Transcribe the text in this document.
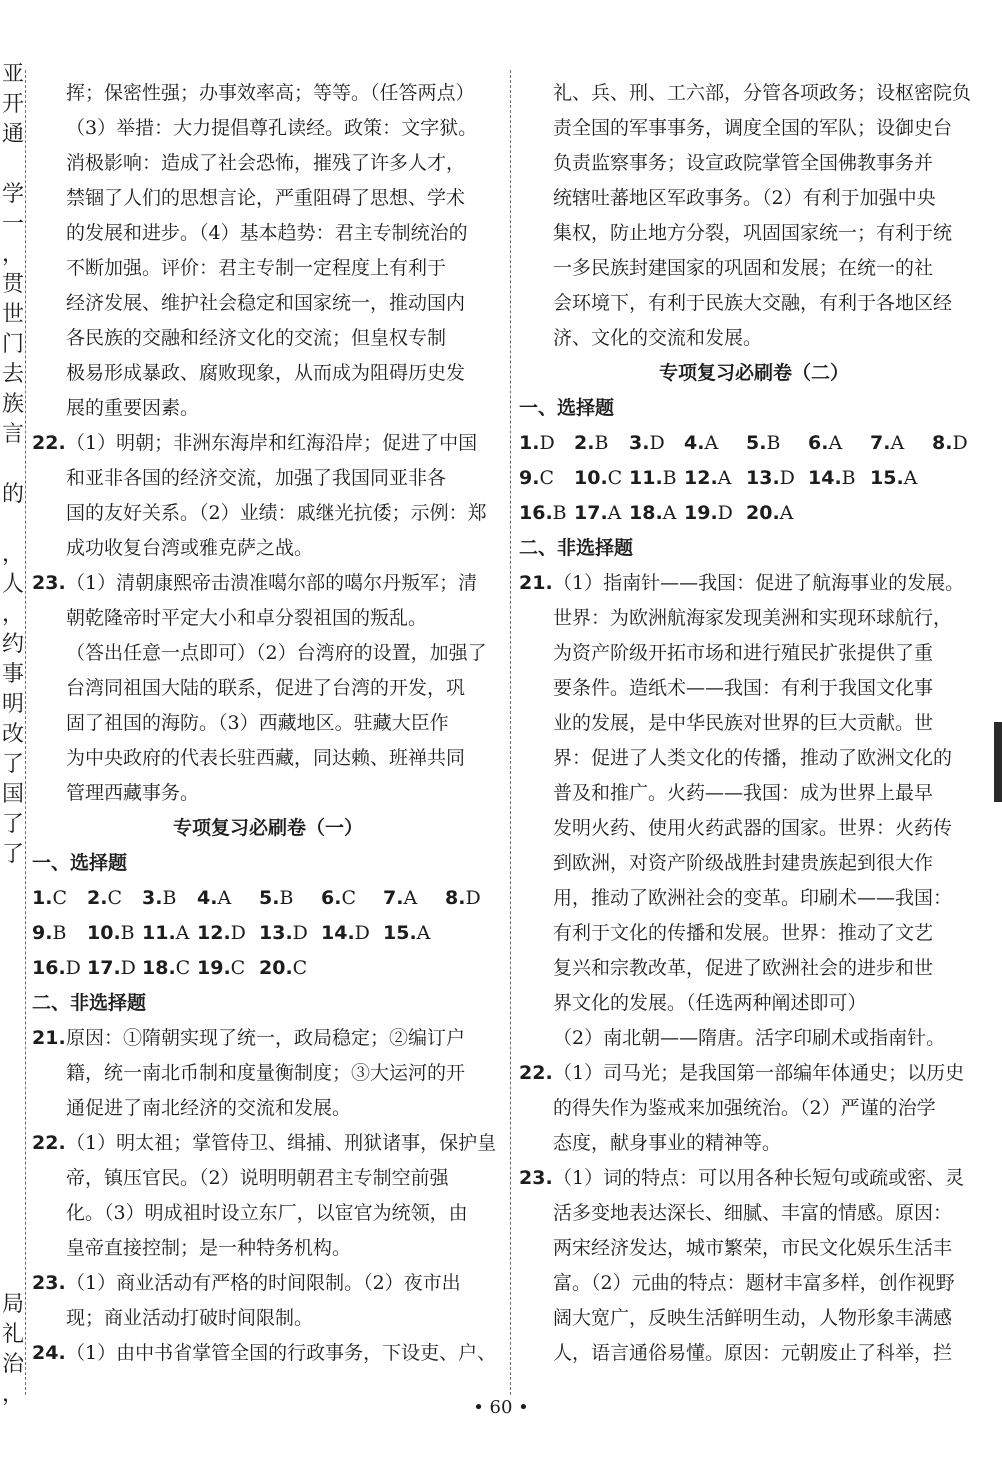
亚
开
通
学
一
，
贯
世
门
去
族
言
的
，
人
，
约
事
明
改
了
国
了
了
局
礼
治
，
挥；保密性强；办事效率高；等等。（任答两点）
（3）举措：大力提倡尊孔读经。政策：文字狱。
消极影响：造成了社会恐怖，摧残了许多人才，
禁锢了人们的思想言论，严重阻碍了思想、学术
的发展和进步。（4）基本趋势：君主专制统治的
不断加强。评价：君主专制一定程度上有利于
经济发展、维护社会稳定和国家统一，推动国内
各民族的交融和经济文化的交流；但皇权专制
极易形成暴政、腐败现象，从而成为阻碍历史发
展的重要因素。
22. （1）明朝；非洲东海岸和红海沿岸；促进了中国
和亚非各国的经济交流，加强了我国同亚非各
国的友好关系。（2）业绩：戚继光抗倭；示例：郑
成功收复台湾或雅克萨之战。
23. （1）清朝康熙帝击溃准噶尔部的噶尔丹叛军；清
朝乾隆帝时平定大小和卓分裂祖国的叛乱。
（答出任意一点即可）（2）台湾府的设置，加强了
台湾同祖国大陆的联系，促进了台湾的开发，巩
固了祖国的海防。（3）西藏地区。驻藏大臣作
为中央政府的代表长驻西藏，同达赖、班禅共同
管理西藏事务。
专项复习必刷卷（一）
一、选择题
1.C	2.C	3.B	4.A	5.B	6.C	7.A	8.D
9.B	10.B 11.A 12.D 13.D 14.D 15.A
16.D 17.D 18.C 19.C 20.C
二、非选择题
21. 原因：①隋朝实现了统一，政局稳定；②编订户
籍，统一南北币制和度量衡制度；③大运河的开
通促进了南北经济的交流和发展。
22. （1）明太祖；掌管侍卫、缉捕、刑狱诸事，保护皇
帝，镇压官民。（2）说明明朝君主专制空前强
化。（3）明成祖时设立东厂，以宦官为统领，由
皇帝直接控制；是一种特务机构。
23. （1）商业活动有严格的时间限制。（2）夜市出
现；商业活动打破时间限制。
24. （1）由中书省掌管全国的行政事务，下设吏、户、
礼、兵、刑、工六部，分管各项政务；设枢密院负
责全国的军事事务，调度全国的军队；设御史台
负责监察事务；设宣政院掌管全国佛教事务并
统辖吐蕃地区军政事务。（2）有利于加强中央
集权，防止地方分裂，巩固国家统一；有利于统
一多民族封建国家的巩固和发展；在统一的社
会环境下，有利于民族大交融，有利于各地区经
济、文化的交流和发展。
专项复习必刷卷（二）
一、选择题
1.D	2.B	3.D	4.A	5.B	6.A	7.A	8.D
9.C	10.C 11.B 12.A 13.D 14.B 15.A
16.B 17.A 18.A 19.D 20.A
二、非选择题
21. （1）指南针——我国：促进了航海事业的发展。
世界：为欧洲航海家发现美洲和实现环球航行，
为资产阶级开拓市场和进行殖民扩张提供了重
要条件。造纸术——我国：有利于我国文化事
业的发展，是中华民族对世界的巨大贡献。世
界：促进了人类文化的传播，推动了欧洲文化的
普及和推广。火药——我国：成为世界上最早
发明火药、使用火药武器的国家。世界：火药传
到欧洲，对资产阶级战胜封建贵族起到很大作
用，推动了欧洲社会的变革。印刷术——我国：
有利于文化的传播和发展。世界：推动了文艺
复兴和宗教改革，促进了欧洲社会的进步和世
界文化的发展。（任选两种阐述即可）
（2）南北朝——隋唐。活字印刷术或指南针。
22. （1）司马光；是我国第一部编年体通史；以历史
的得失作为鉴戒来加强统治。（2）严谨的治学
态度，献身事业的精神等。
23. （1）词的特点：可以用各种长短句或疏或密、灵
活多变地表达深长、细腻、丰富的情感。原因：
两宋经济发达，城市繁荣，市民文化娱乐生活丰
富。（2）元曲的特点：题材丰富多样，创作视野
阔大宽广，反映生活鲜明生动，人物形象丰满感
人，语言通俗易懂。原因：元朝废止了科举，拦
• 60 •
